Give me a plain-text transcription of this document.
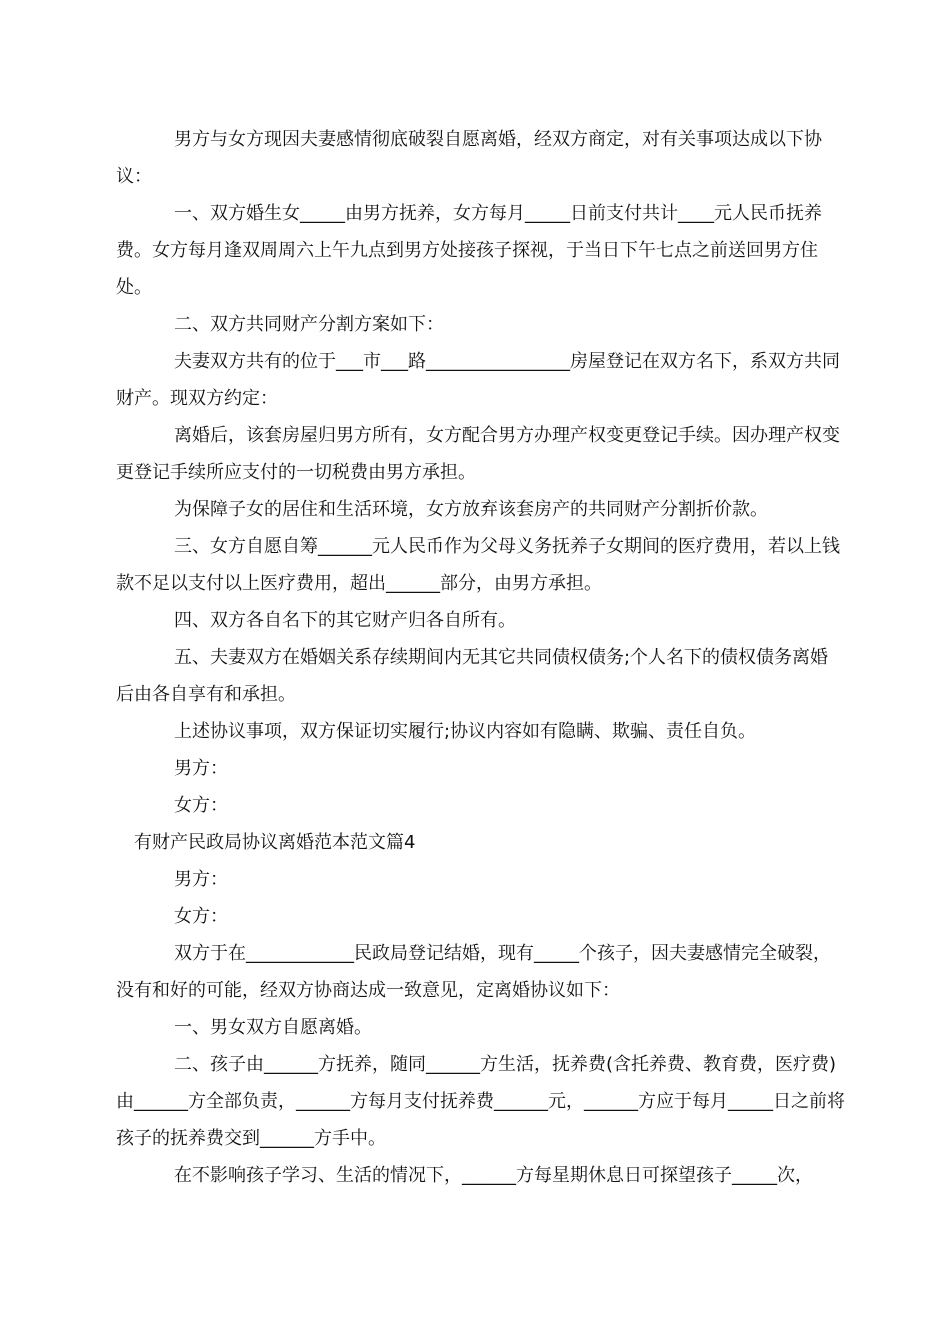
男方与女方现因夫妻感情彻底破裂自愿离婚，经双方商定，对有关事项达成以下协议：

一、双方婚生女_____由男方抚养，女方每月_____日前支付共计____元人民币抚养费。女方每月逢双周周六上午九点到男方处接孩子探视，于当日下午七点之前送回男方住处。

二、双方共同财产分割方案如下：

夫妻双方共有的位于___市___路________________房屋登记在双方名下，系双方共同财产。现双方约定：

离婚后，该套房屋归男方所有，女方配合男方办理产权变更登记手续。因办理产权变更登记手续所应支付的一切税费由男方承担。

为保障子女的居住和生活环境，女方放弃该套房产的共同财产分割折价款。

三、女方自愿自筹______元人民币作为父母义务抚养子女期间的医疗费用，若以上钱款不足以支付以上医疗费用，超出______部分，由男方承担。

四、双方各自名下的其它财产归各自所有。

五、夫妻双方在婚姻关系存续期间内无其它共同债权债务;个人名下的债权债务离婚后由各自享有和承担。

上述协议事项，双方保证切实履行;协议内容如有隐瞒、欺骗、责任自负。

男方：

女方：

有财产民政局协议离婚范本范文篇4

男方：

女方：

双方于在____________民政局登记结婚，现有_____个孩子，因夫妻感情完全破裂，没有和好的可能，经双方协商达成一致意见，定离婚协议如下：

一、男女双方自愿离婚。

二、孩子由______方抚养，随同______方生活，抚养费(含托养费、教育费，医疗费)由______方全部负责，______方每月支付抚养费______元，______方应于每月_____日之前将孩子的抚养费交到______方手中。

在不影响孩子学习、生活的情况下，______方每星期休息日可探望孩子_____次，
